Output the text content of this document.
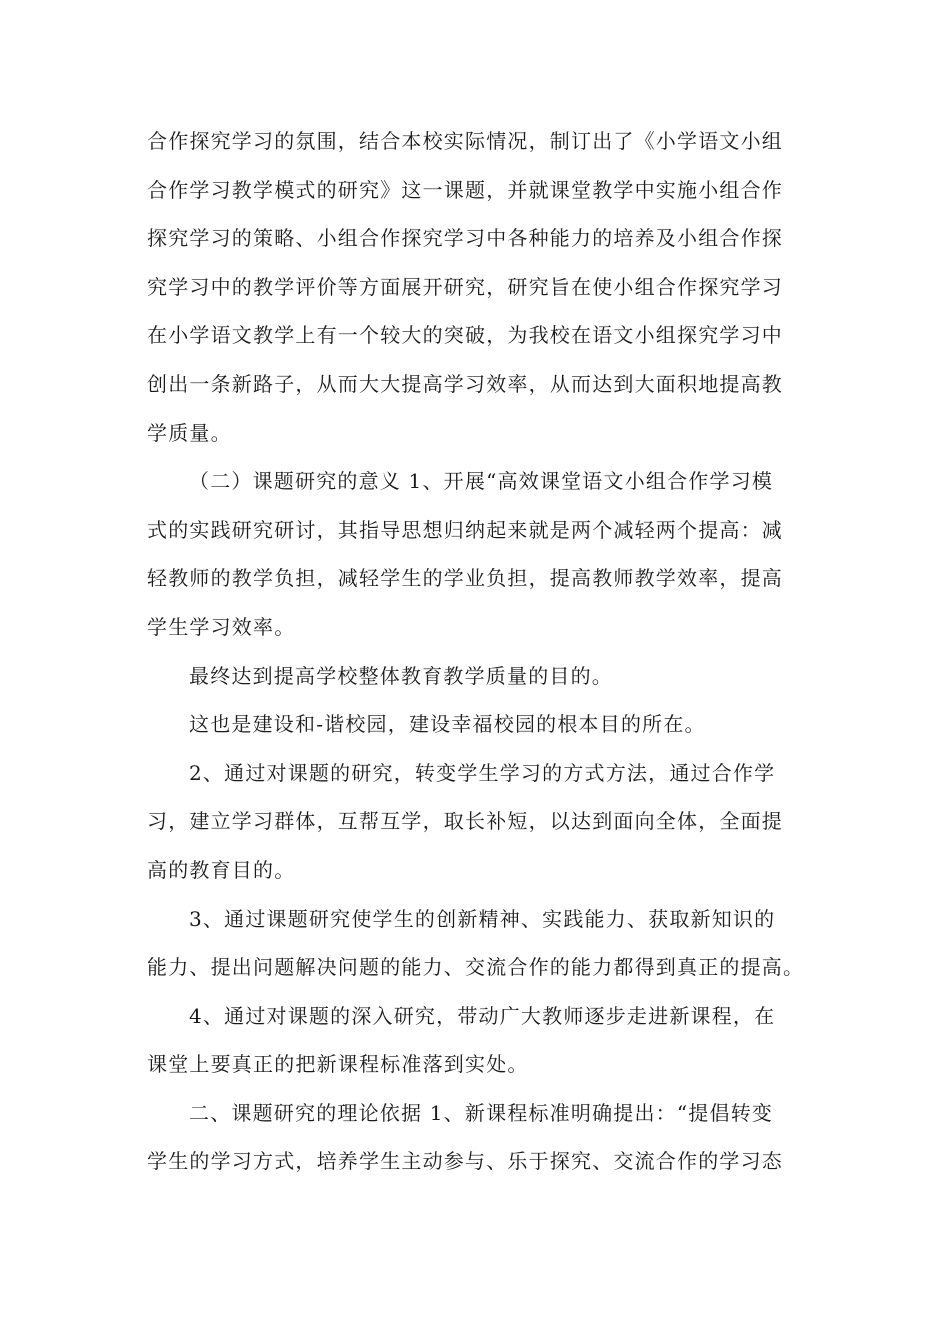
合作探究学习的氛围，结合本校实际情况，制订出了《小学语文小组
合作学习教学模式的研究》这一课题，并就课堂教学中实施小组合作
探究学习的策略、小组合作探究学习中各种能力的培养及小组合作探
究学习中的教学评价等方面展开研究，研究旨在使小组合作探究学习
在小学语文教学上有一个较大的突破，为我校在语文小组探究学习中
创出一条新路子，从而大大提高学习效率，从而达到大面积地提高教
学质量。
（二）课题研究的意义 1、开展“高效课堂语文小组合作学习模
式的实践研究研讨，其指导思想归纳起来就是两个减轻两个提高：减
轻教师的教学负担，减轻学生的学业负担，提高教师教学效率，提高
学生学习效率。
最终达到提高学校整体教育教学质量的目的。
这也是建设和-谐校园，建设幸福校园的根本目的所在。
2、通过对课题的研究，转变学生学习的方式方法，通过合作学
习，建立学习群体，互帮互学，取长补短，以达到面向全体，全面提
高的教育目的。
3、通过课题研究使学生的创新精神、实践能力、获取新知识的
能力、提出问题解决问题的能力、交流合作的能力都得到真正的提高。
4、通过对课题的深入研究，带动广大教师逐步走进新课程，在
课堂上要真正的把新课程标准落到实处。
二、课题研究的理论依据 1、新课程标准明确提出：“提倡转变
学生的学习方式，培养学生主动参与、乐于探究、交流合作的学习态
